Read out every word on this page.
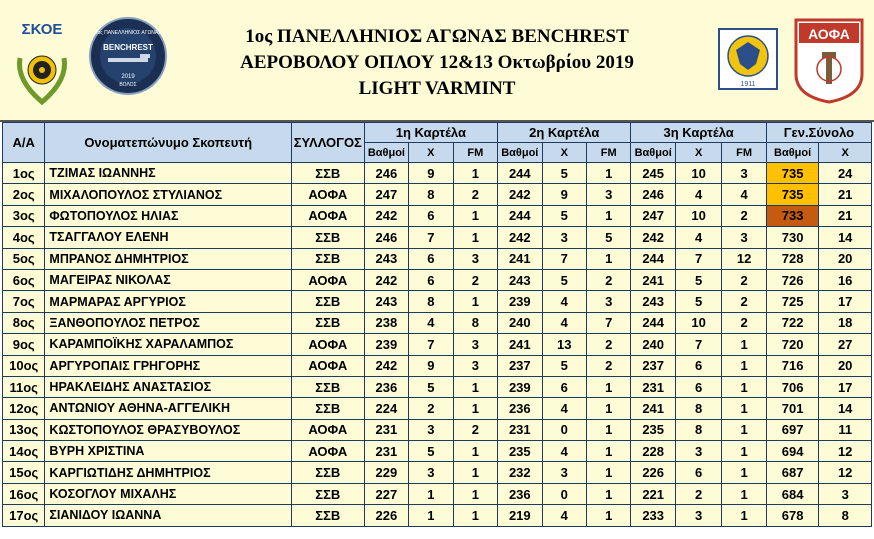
ΣΚΟΕ	1ος ΠΑΝΕΛΛΗΝΙΟΣ ΑΓΩΝΑΣ
BENCHREST
2019
ΒΟΛΟΣ
1ος ΠΑΝΕΛΛΗΝΙΟΣ ΑΓΩΝΑΣ BENCHREST
ΑΕΡΟΒΟΛΟΥ ΟΠΛΟΥ 12&13 Οκτωβρίου 2019
LIGHT VARMINT	1911
ΑΟΦΑ
Α/Α	Ονοματεπώνυμο Σκοπευτή	ΣΥΛΛΟΓΟΣ	1η Καρτέλα			2η Καρτέλα			3η Καρτέλα			Γεν.Σύνολο	
			Βαθμοί	Χ	FM	Βαθμοί	Χ	FM	Βαθμοί	Χ	FM	Βαθμοί	Χ
1ος	ΤΖΙΜΑΣ ΙΩΑΝΝΗΣ	ΣΣΒ	246	9	1	244	5	1	245	10	3	735	24
2ος	ΜΙΧΑΛΟΠΟΥΛΟΣ ΣΤΥΛΙΑΝΟΣ	ΑΟΦΑ	247	8	2	242	9	3	246	4	4	735	21
3ος	ΦΩΤΟΠΟΥΛΟΣ ΗΛΙΑΣ	ΑΟΦΑ	242	6	1	244	5	1	247	10	2	733	21
4ος	ΤΣΑΓΓΑΛΟΥ ΕΛΕΝΗ	ΣΣΒ	246	7	1	242	3	5	242	4	3	730	14
5ος	ΜΠΡΑΝΟΣ ΔΗΜΗΤΡΙΟΣ	ΣΣΒ	243	6	3	241	7	1	244	7	12	728	20
6ος	ΜΑΓΕΙΡΑΣ ΝΙΚΟΛΑΣ	ΑΟΦΑ	242	6	2	243	5	2	241	5	2	726	16
7ος	ΜΑΡΜΑΡΑΣ ΑΡΓΥΡΙΟΣ	ΣΣΒ	243	8	1	239	4	3	243	5	2	725	17
8ος	ΞΑΝΘΟΠΟΥΛΟΣ ΠΕΤΡΟΣ	ΣΣΒ	238	4	8	240	4	7	244	10	2	722	18
9ος	ΚΑΡΑΜΠΟΪΚΗΣ ΧΑΡΑΛΑΜΠΟΣ	ΑΟΦΑ	239	7	3	241	13	2	240	7	1	720	27
10ος	ΑΡΓΥΡΟΠΑΙΣ ΓΡΗΓΟΡΗΣ	ΑΟΦΑ	242	9	3	237	5	2	237	6	1	716	20
11ος	ΗΡΑΚΛΕΙΔΗΣ ΑΝΑΣΤΑΣΙΟΣ	ΣΣΒ	236	5	1	239	6	1	231	6	1	706	17
12ος	ΑΝΤΩΝΙΟΥ ΑΘΗΝΑ-ΑΓΓΕΛΙΚΗ	ΣΣΒ	224	2	1	236	4	1	241	8	1	701	14
13ος	ΚΩΣΤΟΠΟΥΛΟΣ ΘΡΑΣΥΒΟΥΛΟΣ	ΑΟΦΑ	231	3	2	231	0	1	235	8	1	697	11
14ος	ΒΥΡΗ ΧΡΙΣΤΙΝΑ	ΑΟΦΑ	231	5	1	235	4	1	228	3	1	694	12
15ος	ΚΑΡΓΙΩΤΙΔΗΣ ΔΗΜΗΤΡΙΟΣ	ΣΣΒ	229	3	1	232	3	1	226	6	1	687	12
16ος	ΚΟΣΟΓΛΟΥ ΜΙΧΑΛΗΣ	ΣΣΒ	227	1	1	236	0	1	221	2	1	684	3
17ος	ΣΙΑΝΙΔΟΥ ΙΩΑΝΝΑ	ΣΣΒ	226	1	1	219	4	1	233	3	1	678	8
